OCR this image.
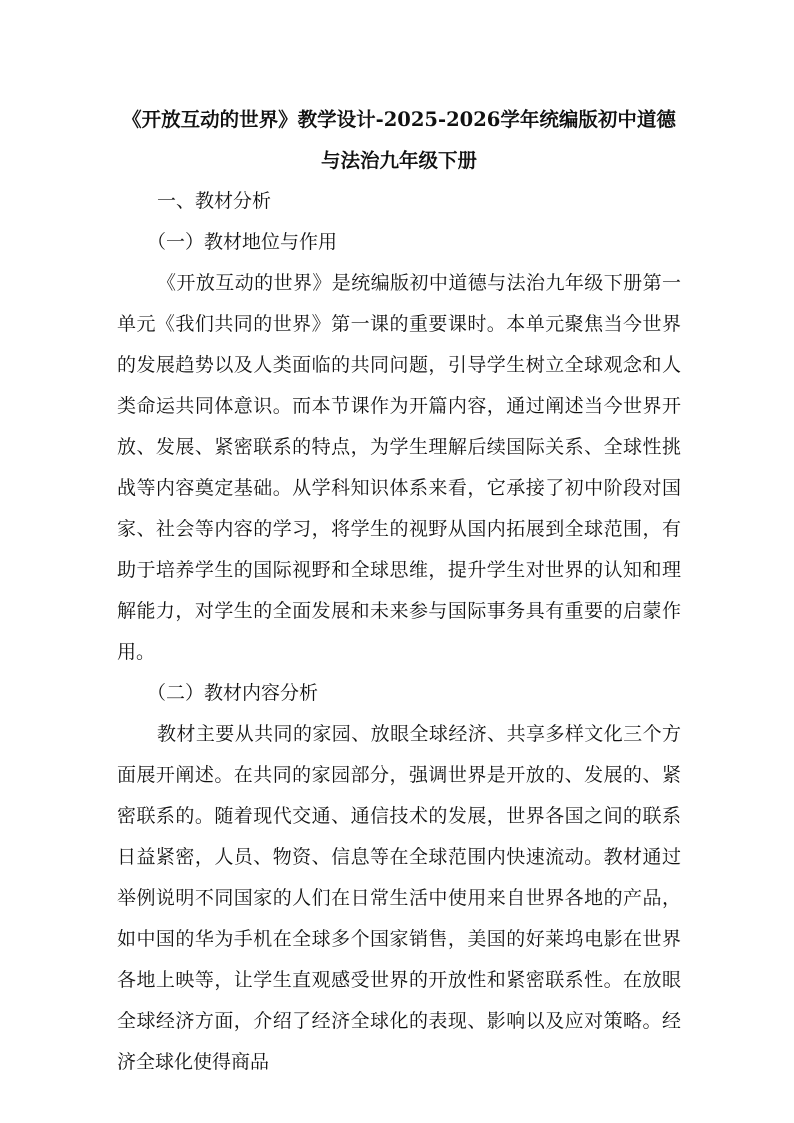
《开放互动的世界》教学设计-2025-2026学年统编版初中道德与法治九年级下册

一、教材分析

（一）教材地位与作用

《开放互动的世界》是统编版初中道德与法治九年级下册第一单元《我们共同的世界》第一课的重要课时。本单元聚焦当今世界的发展趋势以及人类面临的共同问题，引导学生树立全球观念和人类命运共同体意识。而本节课作为开篇内容，通过阐述当今世界开放、发展、紧密联系的特点，为学生理解后续国际关系、全球性挑战等内容奠定基础。从学科知识体系来看，它承接了初中阶段对国家、社会等内容的学习，将学生的视野从国内拓展到全球范围，有助于培养学生的国际视野和全球思维，提升学生对世界的认知和理解能力，对学生的全面发展和未来参与国际事务具有重要的启蒙作用。

（二）教材内容分析

教材主要从共同的家园、放眼全球经济、共享多样文化三个方面展开阐述。在共同的家园部分，强调世界是开放的、发展的、紧密联系的。随着现代交通、通信技术的发展，世界各国之间的联系日益紧密，人员、物资、信息等在全球范围内快速流动。教材通过举例说明不同国家的人们在日常生活中使用来自世界各地的产品，如中国的华为手机在全球多个国家销售，美国的好莱坞电影在世界各地上映等，让学生直观感受世界的开放性和紧密联系性。在放眼全球经济方面，介绍了经济全球化的表现、影响以及应对策略。经济全球化使得商品
